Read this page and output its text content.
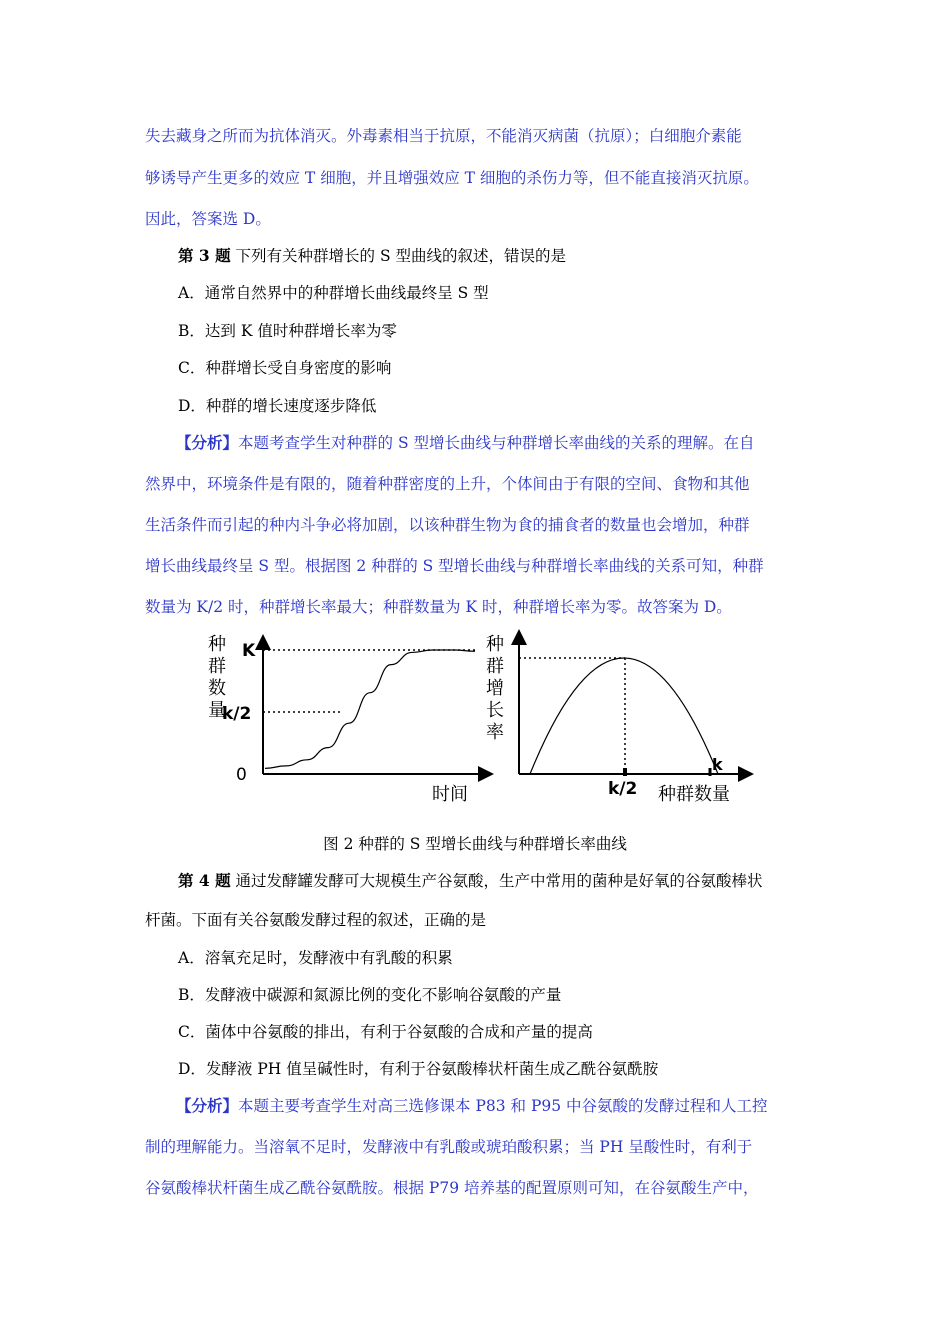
失去藏身之所而为抗体消灭。外毒素相当于抗原，不能消灭病菌（抗原）；白细胞介素能
够诱导产生更多的效应 T 细胞，并且增强效应 T 细胞的杀伤力等，但不能直接消灭抗原。
因此，答案选 D。
第 3 题 下列有关种群增长的 S 型曲线的叙述，错误的是
A．通常自然界中的种群增长曲线最终呈 S 型
B．达到 K 值时种群增长率为零
C．种群增长受自身密度的影响
D．种群的增长速度逐步降低
【分析】本题考查学生对种群的 S 型增长曲线与种群增长率曲线的关系的理解。在自
然界中，环境条件是有限的，随着种群密度的上升，个体间由于有限的空间、食物和其他
生活条件而引起的种内斗争必将加剧，以该种群生物为食的捕食者的数量也会增加，种群
增长曲线最终呈 S 型。根据图 2 种群的 S 型增长曲线与种群增长率曲线的关系可知，种群
数量为 K/2 时，种群增长率最大；种群数量为 K 时，种群增长率为零。故答案为 D。
种
群
数
量
K
k/2
0
时间
种
群
增
长
率
k/2
k
种群数量
图 2 种群的 S 型增长曲线与种群增长率曲线
第 4 题 通过发酵罐发酵可大规模生产谷氨酸，生产中常用的菌种是好氧的谷氨酸棒状
杆菌。下面有关谷氨酸发酵过程的叙述，正确的是
A．溶氧充足时，发酵液中有乳酸的积累
B．发酵液中碳源和氮源比例的变化不影响谷氨酸的产量
C．菌体中谷氨酸的排出，有利于谷氨酸的合成和产量的提高
D．发酵液 PH 值呈碱性时，有利于谷氨酸棒状杆菌生成乙酰谷氨酰胺
【分析】本题主要考查学生对高三选修课本 P83 和 P95 中谷氨酸的发酵过程和人工控
制的理解能力。当溶氧不足时，发酵液中有乳酸或琥珀酸积累；当 PH 呈酸性时，有利于
谷氨酸棒状杆菌生成乙酰谷氨酰胺。根据 P79 培养基的配置原则可知，在谷氨酸生产中，
